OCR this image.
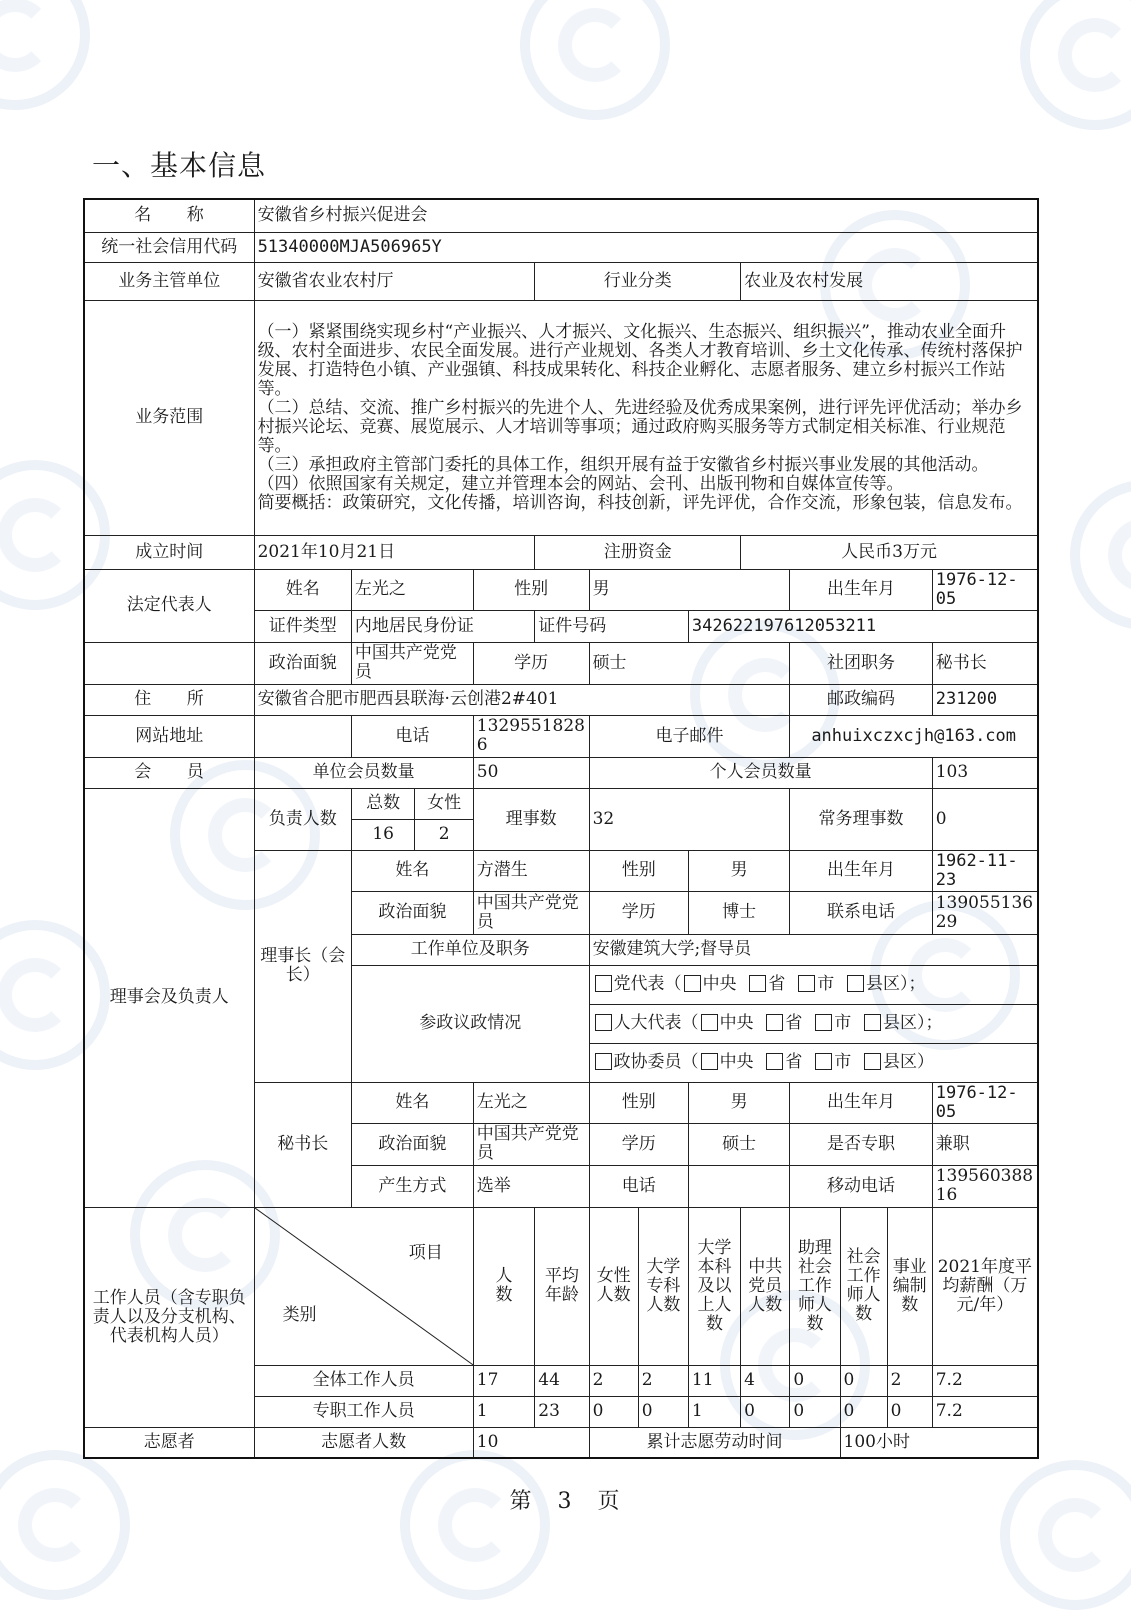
一、基本信息
名　　称	安徽省乡村振兴促进会												
统一社会信用代码	51340000MJA506965Y												
业务主管单位	安徽省农业农村厅				行业分类				农业及农村发展				
业务范围	（一）紧紧围绕实现乡村“产业振兴、人才振兴、文化振兴、生态振兴、组织振兴”，推动农业全面升级、农村全面进步、农民全面发展。进行产业规划、各类人才教育培训、乡土文化传承、传统村落保护发展、打造特色小镇、产业强镇、科技成果转化、科技企业孵化、志愿者服务、建立乡村振兴工作站等。
（二）总结、交流、推广乡村振兴的先进个人、先进经验及优秀成果案例，进行评先评优活动；举办乡村振兴论坛、竞赛、展览展示、人才培训等事项；通过政府购买服务等方式制定相关标准、行业规范等。
（三）承担政府主管部门委托的具体工作，组织开展有益于安徽省乡村振兴事业发展的其他活动。
（四）依照国家有关规定，建立并管理本会的网站、会刊、出版刊物和自媒体宣传等。
简要概括：政策研究，文化传播，培训咨询，科技创新，评先评优，合作交流，形象包装，信息发布。												

成立时间	2021年10月21日				注册资金				人民币3万元				
法定代表人	姓名	左光之		性别		男				出生年月			1976-12-05
	证件类型	内地居民身份证			证件号码			342622197612053211					
	政治面貌	中国共产党党员		学历		硕士				社团职务			秘书长
住　　所	安徽省合肥市肥西县联海·云创港2#401									邮政编码			231200
网站地址		电话		13295518286		电子邮件				anhuixczxcjh@163.com			
会　　员	单位会员数量			50		个人会员数量							103
理事会及负责人	负责人数	总数	女性	理事数		32				常务理事数			0
		16	2										
	理事长（会长）	姓名		方潜生		性别		男		出生年月			1962-11-23
		政治面貌		中国共产党党员		学历		博士		联系电话			13905513629
		工作单位及职务				安徽建筑大学;督导员							
		参政议政情况				党代表（ 中央 省 市 县区）；							
						人大代表（ 中央 省 市 县区）；							
						政协委员（ 中央 省 市 县区）							
	秘书长	姓名		左光之		性别		男		出生年月			1976-12-05
		政治面貌		中国共产党党员		学历		硕士		是否专职			兼职
		产生方式		选举		电话				移动电话			13956038816
工作人员（含专职负责人以及分支机构、代表机构人员）	项目
类别			人数	平均年龄	女性人数	大学专科人数	大学本科及以上人数	中共党员人数	助理社会工作师人数	社会工作师人数	事业编制数	2021年度平均薪酬（万元/年）
	全体工作人员			17	44	2	2	11	4	0	0	2	7.2
	专职工作人员			1	23	0	0	1	0	0	0	0	7.2
志愿者	志愿者人数			10		累计志愿劳动时间					100小时		
第　3　页
